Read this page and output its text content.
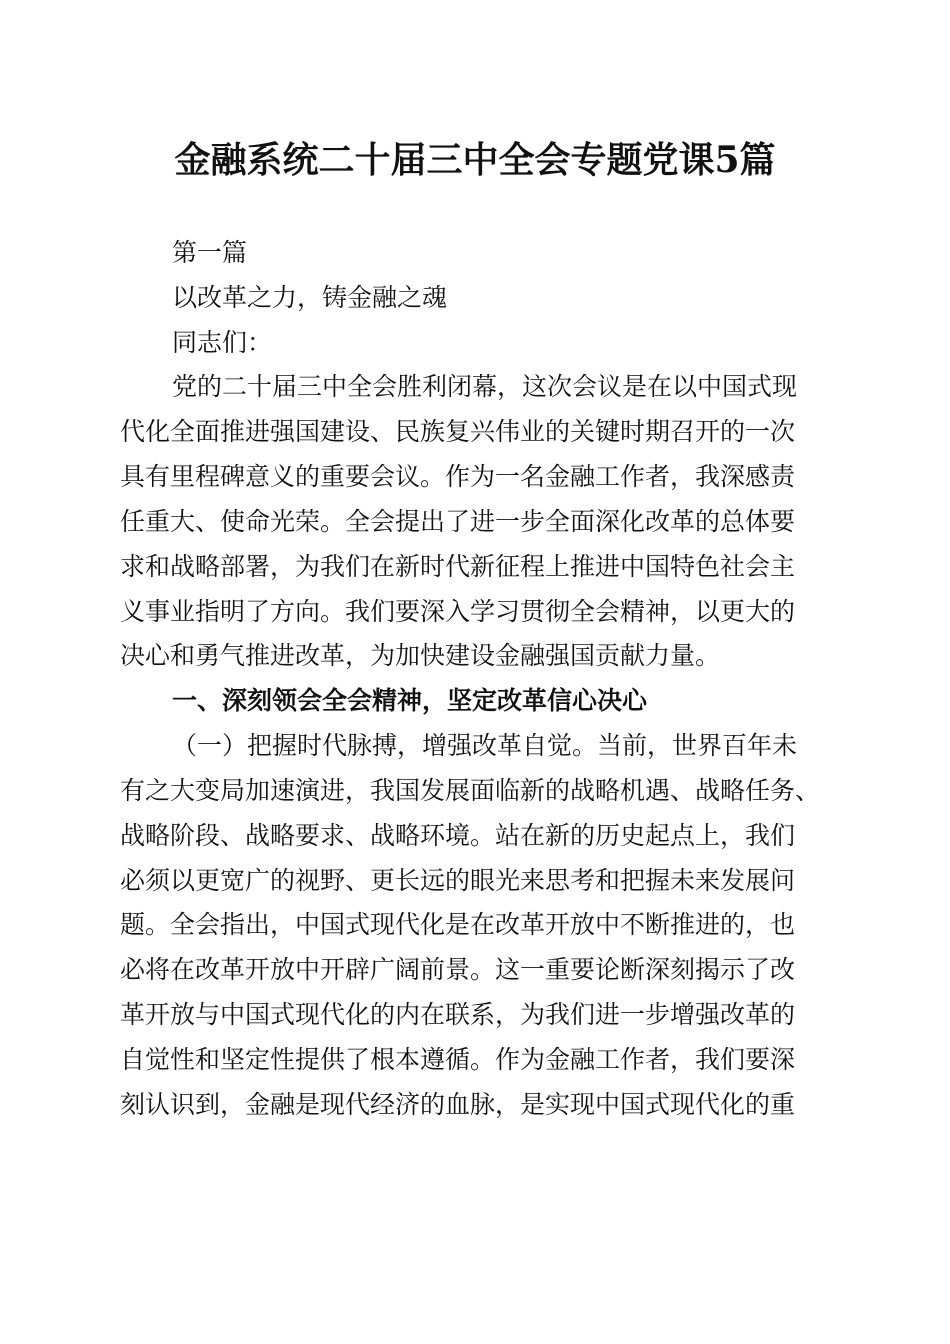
金融系统二十届三中全会专题党课5篇
第一篇
以改革之力，铸金融之魂
同志们：
党的二十届三中全会胜利闭幕，这次会议是在以中国式现
代化全面推进强国建设、民族复兴伟业的关键时期召开的一次
具有里程碑意义的重要会议。作为一名金融工作者，我深感责
任重大、使命光荣。全会提出了进一步全面深化改革的总体要
求和战略部署，为我们在新时代新征程上推进中国特色社会主
义事业指明了方向。我们要深入学习贯彻全会精神，以更大的
决心和勇气推进改革，为加快建设金融强国贡献力量。
一、深刻领会全会精神，坚定改革信心决心
（一）把握时代脉搏，增强改革自觉。当前，世界百年未
有之大变局加速演进，我国发展面临新的战略机遇、战略任务、
战略阶段、战略要求、战略环境。站在新的历史起点上，我们
必须以更宽广的视野、更长远的眼光来思考和把握未来发展问
题。全会指出，中国式现代化是在改革开放中不断推进的，也
必将在改革开放中开辟广阔前景。这一重要论断深刻揭示了改
革开放与中国式现代化的内在联系，为我们进一步增强改革的
自觉性和坚定性提供了根本遵循。作为金融工作者，我们要深
刻认识到，金融是现代经济的血脉，是实现中国式现代化的重
